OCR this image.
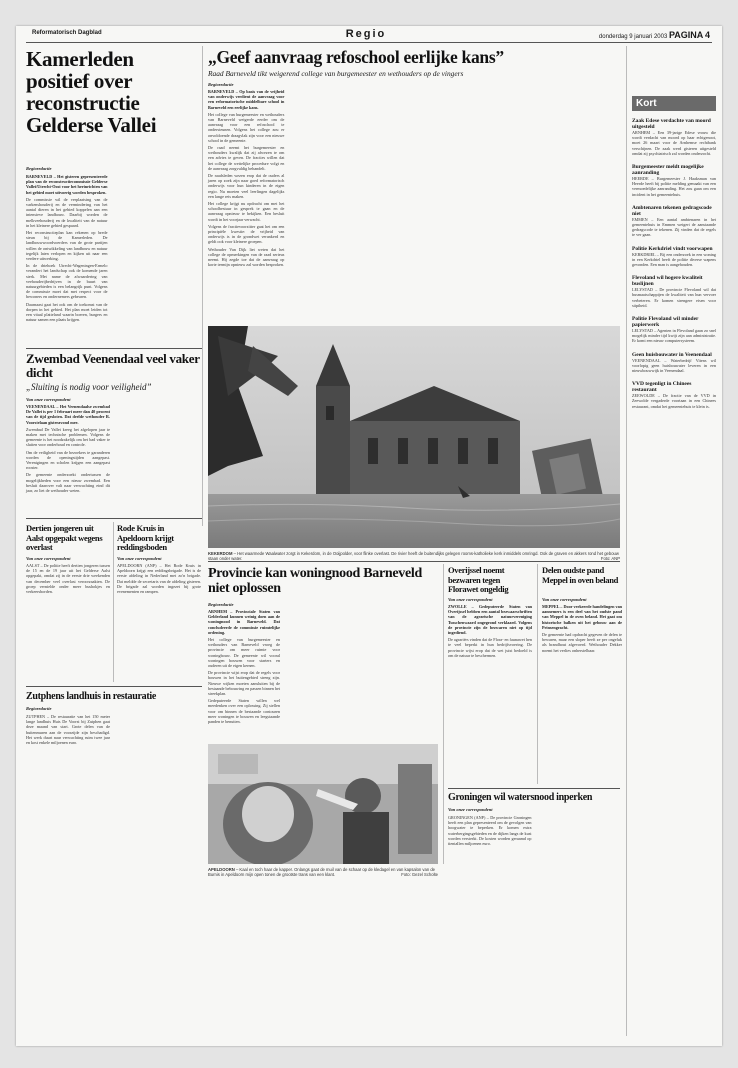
Reformatorisch Dagblad	Regio	donderdag 9 januari 2003 PAGINA 4
Kamerleden positief over reconstructie Gelderse Vallei
Regioredactie

BARNEVELD – Het gisteren gepresenteerde plan van de reconstructiecommissie Gelderse Vallei/Utrecht-Oost voor het herinrichten van het gebied moet uitvoerig worden besproken.

De commissie wil de verplaatsing van de varkenshouderij en de vermindering van het aantal dieren in het gebied koppelen aan een intensieve landbouw. Daarbij worden de melkveehouderij en de kwaliteit van de natuur in het kleinere gebied gespaard.

Het reconstructieplan kan rekenen op brede steun bij de Kamerleden. De landbouwwoordvoerders van de grote partijen willen de ontwikkeling van landbouw en natuur tegelijk laten verlopen en kijken uit naar een verdere uitwerking.

In de driehoek Utrecht-Wageningen-Ermelo verandert het landschap ook de komende jaren sterk. Met name de afwaardering van veehouderijbedrijven in de buurt van natuurgebieden is een belangrijk punt. Volgens de commissie moet dat met respect voor de bewoners en ondernemers gebeuren.

Daarnaast gaat het ook om de toekomst van de dorpen in het gebied. Het plan moet leiden tot een vitaal platteland waarin boeren, burgers en natuur samen een plaats krijgen.

Zwembad Veenendaal veel vaker dicht
„Sluiting is nodig voor veiligheid”
Van onze correspondent

VEENENDAAL – Het Veenendaalse zwembad De Vallei is per 1 februari meer dan 40 procent van de tijd gesloten. Dat deelde wethouder R. Voorstelaan gisteravond mee.

Zwembad De Vallei kreeg het afgelopen jaar te maken met technische problemen. Volgens de gemeente is het noodzakelijk om het bad vaker te sluiten voor onderhoud en controle.

Om de veiligheid van de bezoekers te garanderen worden de openingstijden aangepast. Verenigingen en scholen krijgen een aangepast rooster.

De gemeente onderzoekt ondertussen de mogelijkheden voor een nieuw zwembad. Een besluit daarover valt naar verwachting eind dit jaar, zo liet de wethouder weten.

„Geef aanvraag refoschool eerlijke kans”
Raad Barneveld tikt weigerend college van burgemeester en wethouders op de vingers
Regioredactie

BARNEVELD – Op basis van de vrijheid van onderwijs verdient de aanvraag voor een reformatorische middelbare school in Barneveld een eerlijke kans.

Het college van burgemeester en wethouders van Barneveld weigerde eerder om de aanvraag voor een refoschool te ondersteunen. Volgens het college zou er onvoldoende draagvlak zijn voor een nieuwe school in de gemeente.

De raad neemt het burgemeester en wethouders kwalijk dat zij afwezen te om een advies te geven. De fracties willen dat het college de wettelijke procedure volgt en de aanvraag zorgvuldig behandelt.

De raadsleden wezen erop dat de ouders al jaren op zoek zijn naar goed reformatorisch onderwijs voor hun kinderen in de eigen regio. Nu moeten veel leerlingen dagelijks een lange reis maken.

Het college krijgt nu opdracht om met het schoolbestuur in gesprek te gaan en de aanvraag opnieuw te bekijken. Een besluit wordt in het voorjaar verwacht.

Volgens de fractievoorzitter gaat het om een principiële kwestie: de vrijheid van onderwijs is in de grondwet verankerd en geldt ook voor kleinere groepen.

Wethouder Van Dijk liet weten dat het college de opmerkingen van de raad serieus neemt. Hij zegde toe dat de aanvraag op korte termijn opnieuw zal worden besproken.

KEKERDOM – Het waarmede Waalwater zorgt in Kekerdom, in de Ooijpolder, voor flinke overlast. De rivier heeft de buitendijks gelegen rooms-katholieke kerk inmiddels omringd. Ook de graven en akkers rond het gebouw staan onder water.	Foto: ANP
Kort
Zaak Edese verdachte van moord uitgesteld
ARNHEM – Een 39-jarige Edese vrouw die wordt verdacht van moord op haar echtgenoot, moet 26 maart voor de Arnhemse rechtbank verschijnen. De zaak werd gisteren uitgesteld omdat zij psychiatrisch zal worden onderzocht.
Burgemeester meldt mogelijke aanranding
HEERDE – Burgemeester J. Haaksman van Heerde heeft bij politie melding gemaakt van een vermoedelijke aanranding. Het zou gaan om een incident in het gemeentehuis.
Ambtenaren tekenen gedragscode niet
EMMEN – Een aantal ambtenaren in het gemeentehuis in Emmen weigert de aanstaande gedragscode te tekenen. Zij vinden dat de regels te ver gaan.
Politie Kerkdriel vindt voorwapen
KERKDRIEL – Bij een onderzoek in een woning in een Kerkdriel heeft de politie diverse wapens gevonden. Een man is aangehouden.
Flevoland wil hogere kwaliteit buslijnen
LELYSTAD – De provincie Flevoland wil dat busmaatschappijen de kwaliteit van hun vervoer verbeteren. Er komen strengere eisen voor stiptheid.
Politie Flevoland wil minder papierwerk
LELYSTAD – Agenten in Flevoland gaan zo snel mogelijk minder tijd kwijt zijn aan administratie. Er komt een nieuw computersysteem.
Geen huisbouwater in Veenendaal
VEENENDAAL – Waterbedrijf Vitens wil voorlopig geen huisbouwater leveren in een nieuwbouwwijk in Veenendaal.
VVD tegenligt in Chinees restaurant
ZEEWOLDE – De fractie van de VVD in Zeewolde vergaderde voortaan in een Chinees restaurant, omdat het gemeentehuis te klein is.
Dertien jongeren uit Aalst opgepakt wegens overlast
Van onze correspondent
AALST – De politie heeft dertien jongeren tussen de 15 en de 19 jaar uit het Gelderse Aalst opgepakt, omdat zij in de eerste drie weekenden van december veel overlast veroorzaakten. De groep vernielde onder meer bushokjes en verkeersborden.
Rode Kruis in Apeldoorn krijgt reddingsboden
Van onze correspondent
APELDOORN (ANP) – Het Rode Kruis in Apeldoorn krijgt een reddingsbrigade. Het is de eerste afdeling in Nederland met zo'n brigade. Dat meldde de secretaris van de afdeling gisteren. De brigade zal worden ingezet bij grote evenementen en rampen.
Provincie kan woningnood Barneveld niet oplossen
Regioredactie

ARNHEM – Provinciale Staten van Gelderland kunnen weinig doen aan de woningnood in Barneveld. Dat concludeerde de commissie ruimtelijke ordening.

Het college van burgemeester en wethouders van Barneveld vroeg de provincie om meer ruimte voor woningbouw. De gemeente wil vooral woningen bouwen voor starters en ouderen uit de eigen kernen.

De provincie wijst erop dat de regels voor bouwen in het buitengebied streng zijn. Nieuwe wijken moeten aansluiten bij de bestaande bebouwing en passen binnen het streekplan.

Gedeputeerde Staten willen wel meedenken over een oplossing. Zij stellen voor om binnen de bestaande contouren meer woningen te bouwen en leegstaande panden te benutten.

APELDOORN – Kaal en toch haar de kapper. Onlangs gaat de muil van de schaar op de kledagel en van kapsalon van de Burnis in Apeldoorn mijn open tonen de grootste trans van een klant.	Foto: Gezel Scholte
Zutphens landhuis in restauratie
Regioredactie
ZUTPHEN – De restauratie van het 150 meter lange landhuis Huis De Voorst bij Zutphen gaat deze maand van start. Grote delen van de buitenmuren aan de voorzijde zijn beschadigd. Het werk duurt naar verwachting ruim twee jaar en kost enkele miljoenen euro.
Overijssel noemt bezwaren tegen Florawet ongeldig
Van onze correspondent

ZWOLLE – Gedeputeerde Staten van Overijssel hebben een aantal bezwaarschriften van de agrarische natuurvereniging Tusschenwaard ongegrond verklaard. Volgens de provincie zijn de bezwaren niet op tijd ingediend.

De agrariërs vinden dat de Flora- en faunawet hen te veel beperkt in hun bedrijfsvoering. De provincie wijst erop dat de wet juist bedoeld is om de natuur te beschermen.

Delen oudste pand Meppel in oven beland
Van onze correspondent

MEPPEL – Door verkeerde handelingen van aannemers is een deel van het oudste pand van Meppel in de oven beland. Het gaat om historische balken uit het gebouw aan de Prinsengracht.

De gemeente had opdracht gegeven de delen te bewaren, maar een sloper heeft ze per ongeluk als brandhout afgevoerd. Wethouder Dekker noemt het verlies onherstelbaar.

Groningen wil watersnood inperken
Van onze correspondent
GRONINGEN (ANP) – De provincie Groningen heeft een plan gepresenteerd om de gevolgen van hoogwater te beperken. Er komen extra waterbergingsgebieden en de dijken langs de kust worden versterkt. De kosten worden geraamd op tientallen miljoenen euro.
